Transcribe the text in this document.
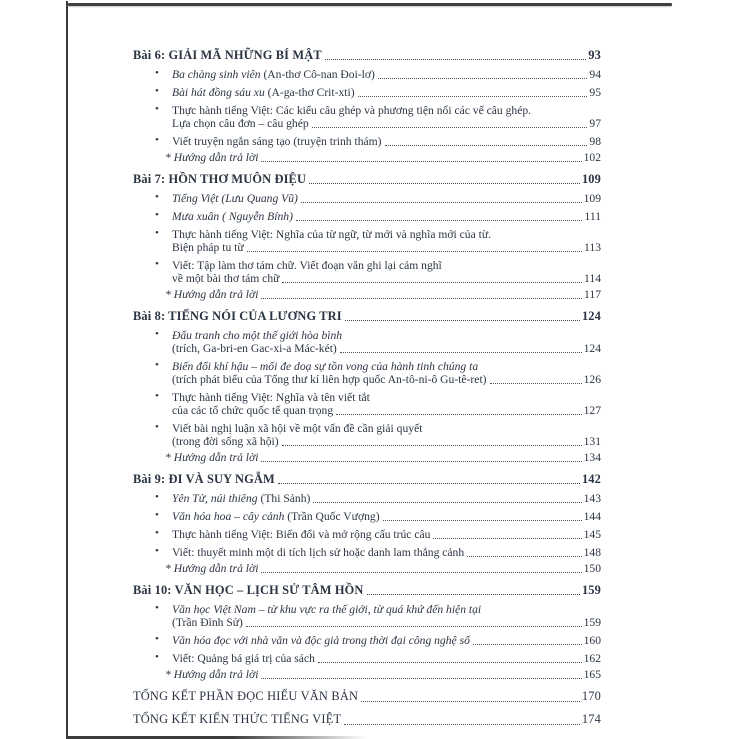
Bài 6: GIẢI MÃ NHỮNG BÍ MẬT	93
• Ba chàng sinh viên (An-thơ Cô-nan Đoi-lơ)	94
• Bài hát đồng sáu xu (A-ga-thơ Crit-xti)	95
• Thực hành tiếng Việt: Các kiểu câu ghép và phương tiện nối các vế câu ghép.
Lựa chọn câu đơn – câu ghép	97
• Viết truyện ngắn sáng tạo (truyện trinh thám)	98
* Hướng dẫn trả lời	102
Bài 7: HỒN THƠ MUÔN ĐIỆU	109
• Tiếng Việt (Lưu Quang Vũ)	109
• Mưa xuân ( Nguyễn Bính)	111
• Thực hành tiếng Việt: Nghĩa của từ ngữ, từ mới và nghĩa mới của từ.
Biện pháp tu từ	113
• Viết: Tập làm thơ tám chữ. Viết đoạn văn ghi lại cảm nghĩ
về một bài thơ tám chữ	114
* Hướng dẫn trả lời	117
Bài 8: TIẾNG NÓI CỦA LƯƠNG TRI	124
• Đấu tranh cho một thế giới hòa bình
(trích, Ga-bri-en Gac-xi-a Mác-két)	124
• Biến đổi khí hậu – mối đe doạ sự tồn vong của hành tinh chúng ta
(trích phát biểu của Tổng thư kí liên hợp quốc An-tô-ni-ô Gu-tê-ret)	126
• Thực hành tiếng Việt: Nghĩa và tên viết tắt
của các tổ chức quốc tế quan trọng	127
• Viết bài nghị luận xã hội về một vấn đề cần giải quyết
(trong đời sống xã hội)	131
* Hướng dẫn trả lời	134
Bài 9: ĐI VÀ SUY NGẪM	142
• Yên Tử, núi thiêng (Thi Sảnh)	143
• Văn hóa hoa – cây cảnh (Trần Quốc Vượng)	144
• Thực hành tiếng Việt: Biến đổi và mở rộng cấu trúc câu	145
• Viết: thuyết minh một di tích lịch sử hoặc danh lam thắng cảnh	148
* Hướng dẫn trả lời	150
Bài 10: VĂN HỌC – LỊCH SỬ TÂM HỒN	159
• Văn học Việt Nam – từ khu vực ra thế giới, từ quá khứ đến hiện tại
(Trần Đình Sử)	159
• Văn hóa đọc với nhà văn và độc giả trong thời đại công nghệ số	160
• Viết: Quảng bá giá trị của sách	162
* Hướng dẫn trả lời	165
TỔNG KẾT PHẦN ĐỌC HIỂU VĂN BẢN	170
TỔNG KẾT KIẾN THỨC TIẾNG VIỆT	174
